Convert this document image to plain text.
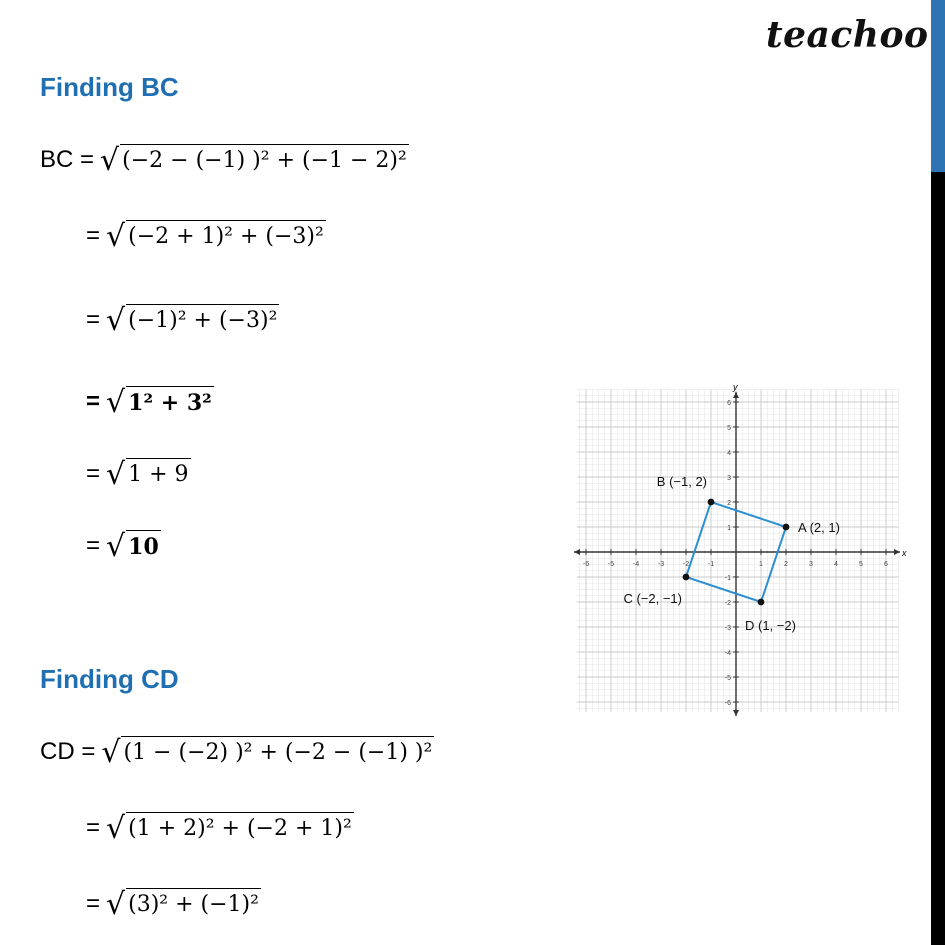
teachoo
Finding BC
BC = √ (−2 − (−1) )² + (−1 − 2)²
= √ (−2 + 1)² + (−3)²
= √ (−1)² + (−3)²
= √ 𝟏² + 𝟑²
= √ 1 + 9
= √ 𝟏𝟎
Finding CD
CD = √ (1 − (−2) )² + (−2 − (−1) )²
= √ (1 + 2)² + (−2 + 1)²
= √ (3)² + (−1)²
x
y
-6	-5	-4	-3	-2	-1	1	2	3	4	5	6
6
5
4
3
2
1
-1
-2
-3
-4
-5
-6
A (2, 1)
B (−1, 2)
C (−2, −1)
D (1, −2)
